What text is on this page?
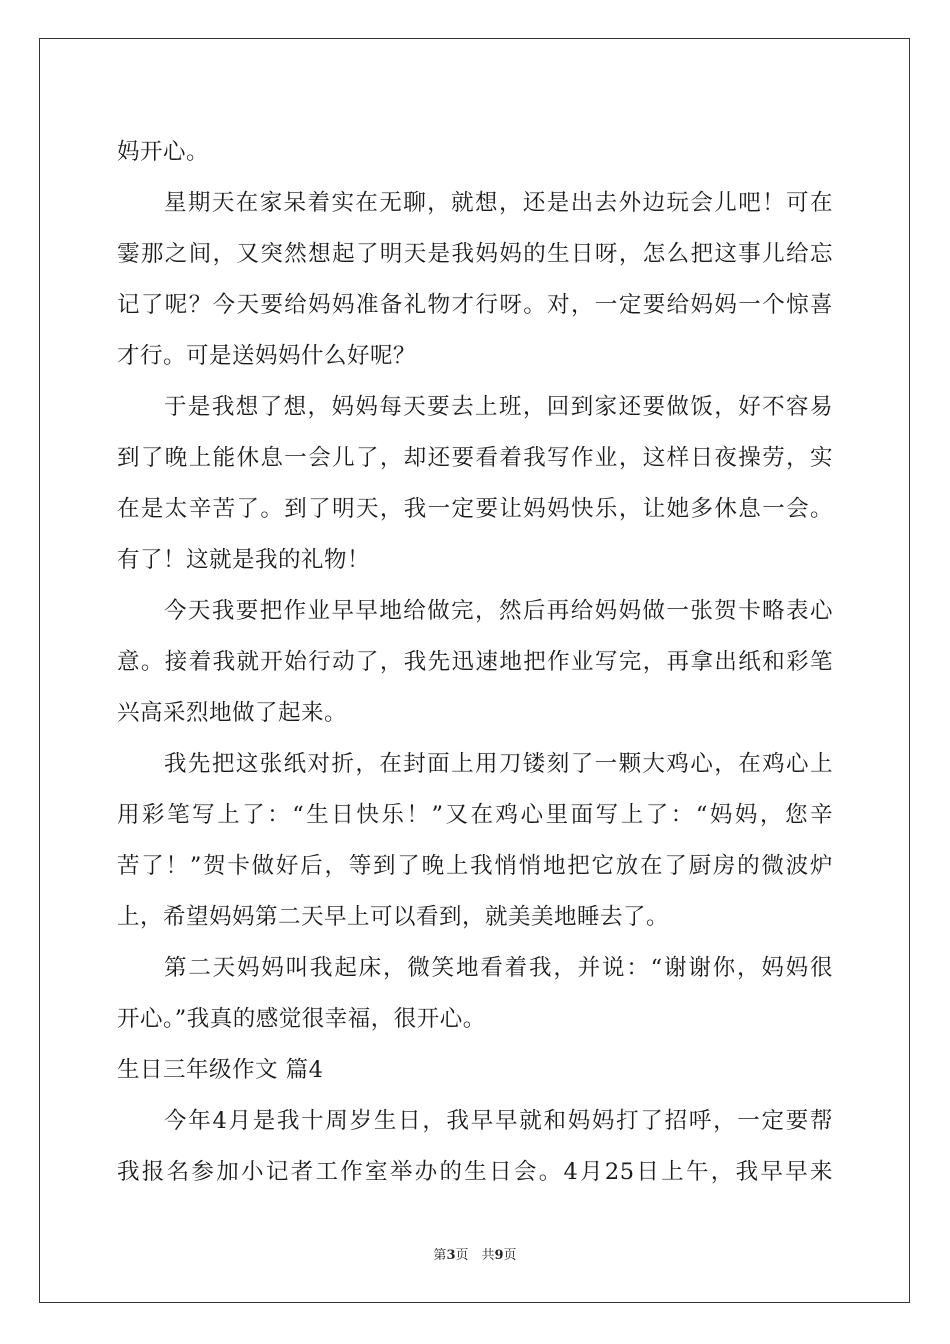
妈开心。
星期天在家呆着实在无聊，就想，还是出去外边玩会儿吧！可在
霎那之间，又突然想起了明天是我妈妈的生日呀，怎么把这事儿给忘
记了呢？今天要给妈妈准备礼物才行呀。对，一定要给妈妈一个惊喜
才行。可是送妈妈什么好呢？
于是我想了想，妈妈每天要去上班，回到家还要做饭，好不容易
到了晚上能休息一会儿了，却还要看着我写作业，这样日夜操劳，实
在是太辛苦了。到了明天，我一定要让妈妈快乐，让她多休息一会。
有了！这就是我的礼物！
今天我要把作业早早地给做完，然后再给妈妈做一张贺卡略表心
意。接着我就开始行动了，我先迅速地把作业写完，再拿出纸和彩笔
兴高采烈地做了起来。
我先把这张纸对折，在封面上用刀镂刻了一颗大鸡心，在鸡心上
用彩笔写上了：“生日快乐！”又在鸡心里面写上了：“妈妈，您辛
苦了！”贺卡做好后，等到了晚上我悄悄地把它放在了厨房的微波炉
上，希望妈妈第二天早上可以看到，就美美地睡去了。
第二天妈妈叫我起床，微笑地看着我，并说：“谢谢你，妈妈很
开心。”我真的感觉很幸福，很开心。
生日三年级作文 篇4
今年4月是我十周岁生日，我早早就和妈妈打了招呼，一定要帮
我报名参加小记者工作室举办的生日会。4月25日上午，我早早来
第3页　共9页
